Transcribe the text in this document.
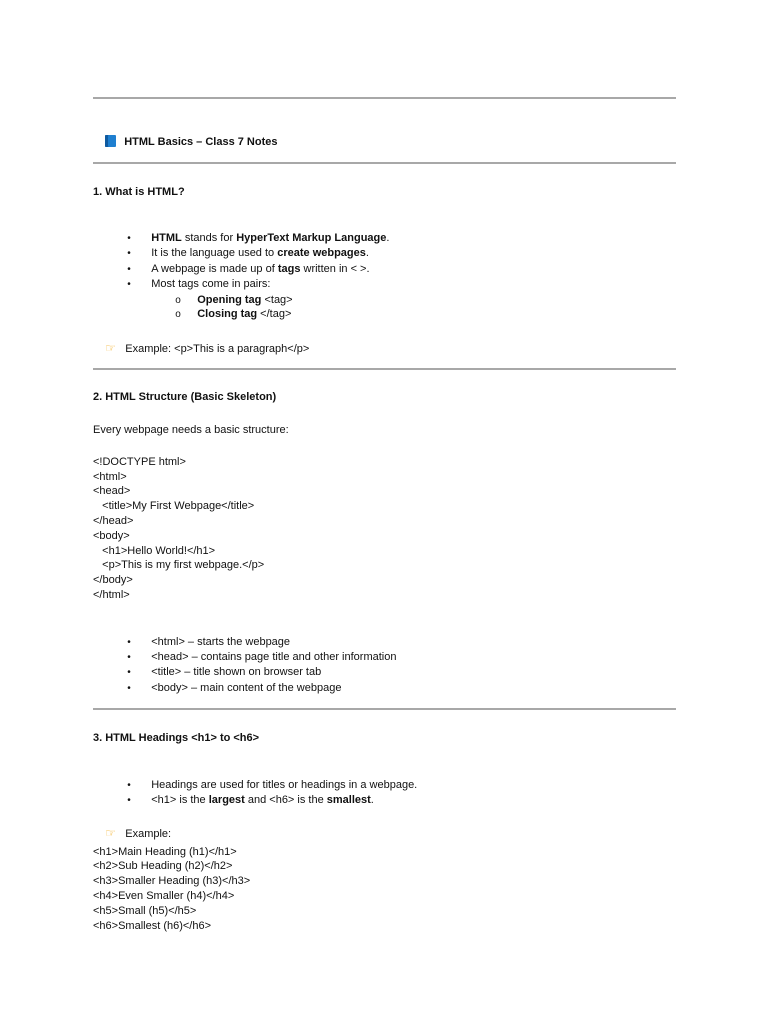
HTML Basics – Class 7 Notes

1. What is HTML?

• HTML stands for HyperText Markup Language.

• It is the language used to create webpages.

• A webpage is made up of tags written in < >.

• Most tags come in pairs:

o Opening tag <tag>

o Closing tag </tag>

☞ Example: <p>This is a paragraph</p>

2. HTML Structure (Basic Skeleton)
Every webpage needs a basic structure:
<!DOCTYPE html>
<html>
<head>
<title>My First Webpage</title>
</head>
<body>
<h1>Hello World!</h1>
<p>This is my first webpage.</p>
</body>
</html>

• <html> – starts the webpage

• <head> – contains page title and other information

• <title> – title shown on browser tab

• <body> – main content of the webpage

3. HTML Headings <h1> to <h6>

• Headings are used for titles or headings in a webpage.

• <h1> is the largest and <h6> is the smallest.

☞ Example:

<h1>Main Heading (h1)</h1>
<h2>Sub Heading (h2)</h2>
<h3>Smaller Heading (h3)</h3>
<h4>Even Smaller (h4)</h4>
<h5>Small (h5)</h5>
<h6>Smallest (h6)</h6>
